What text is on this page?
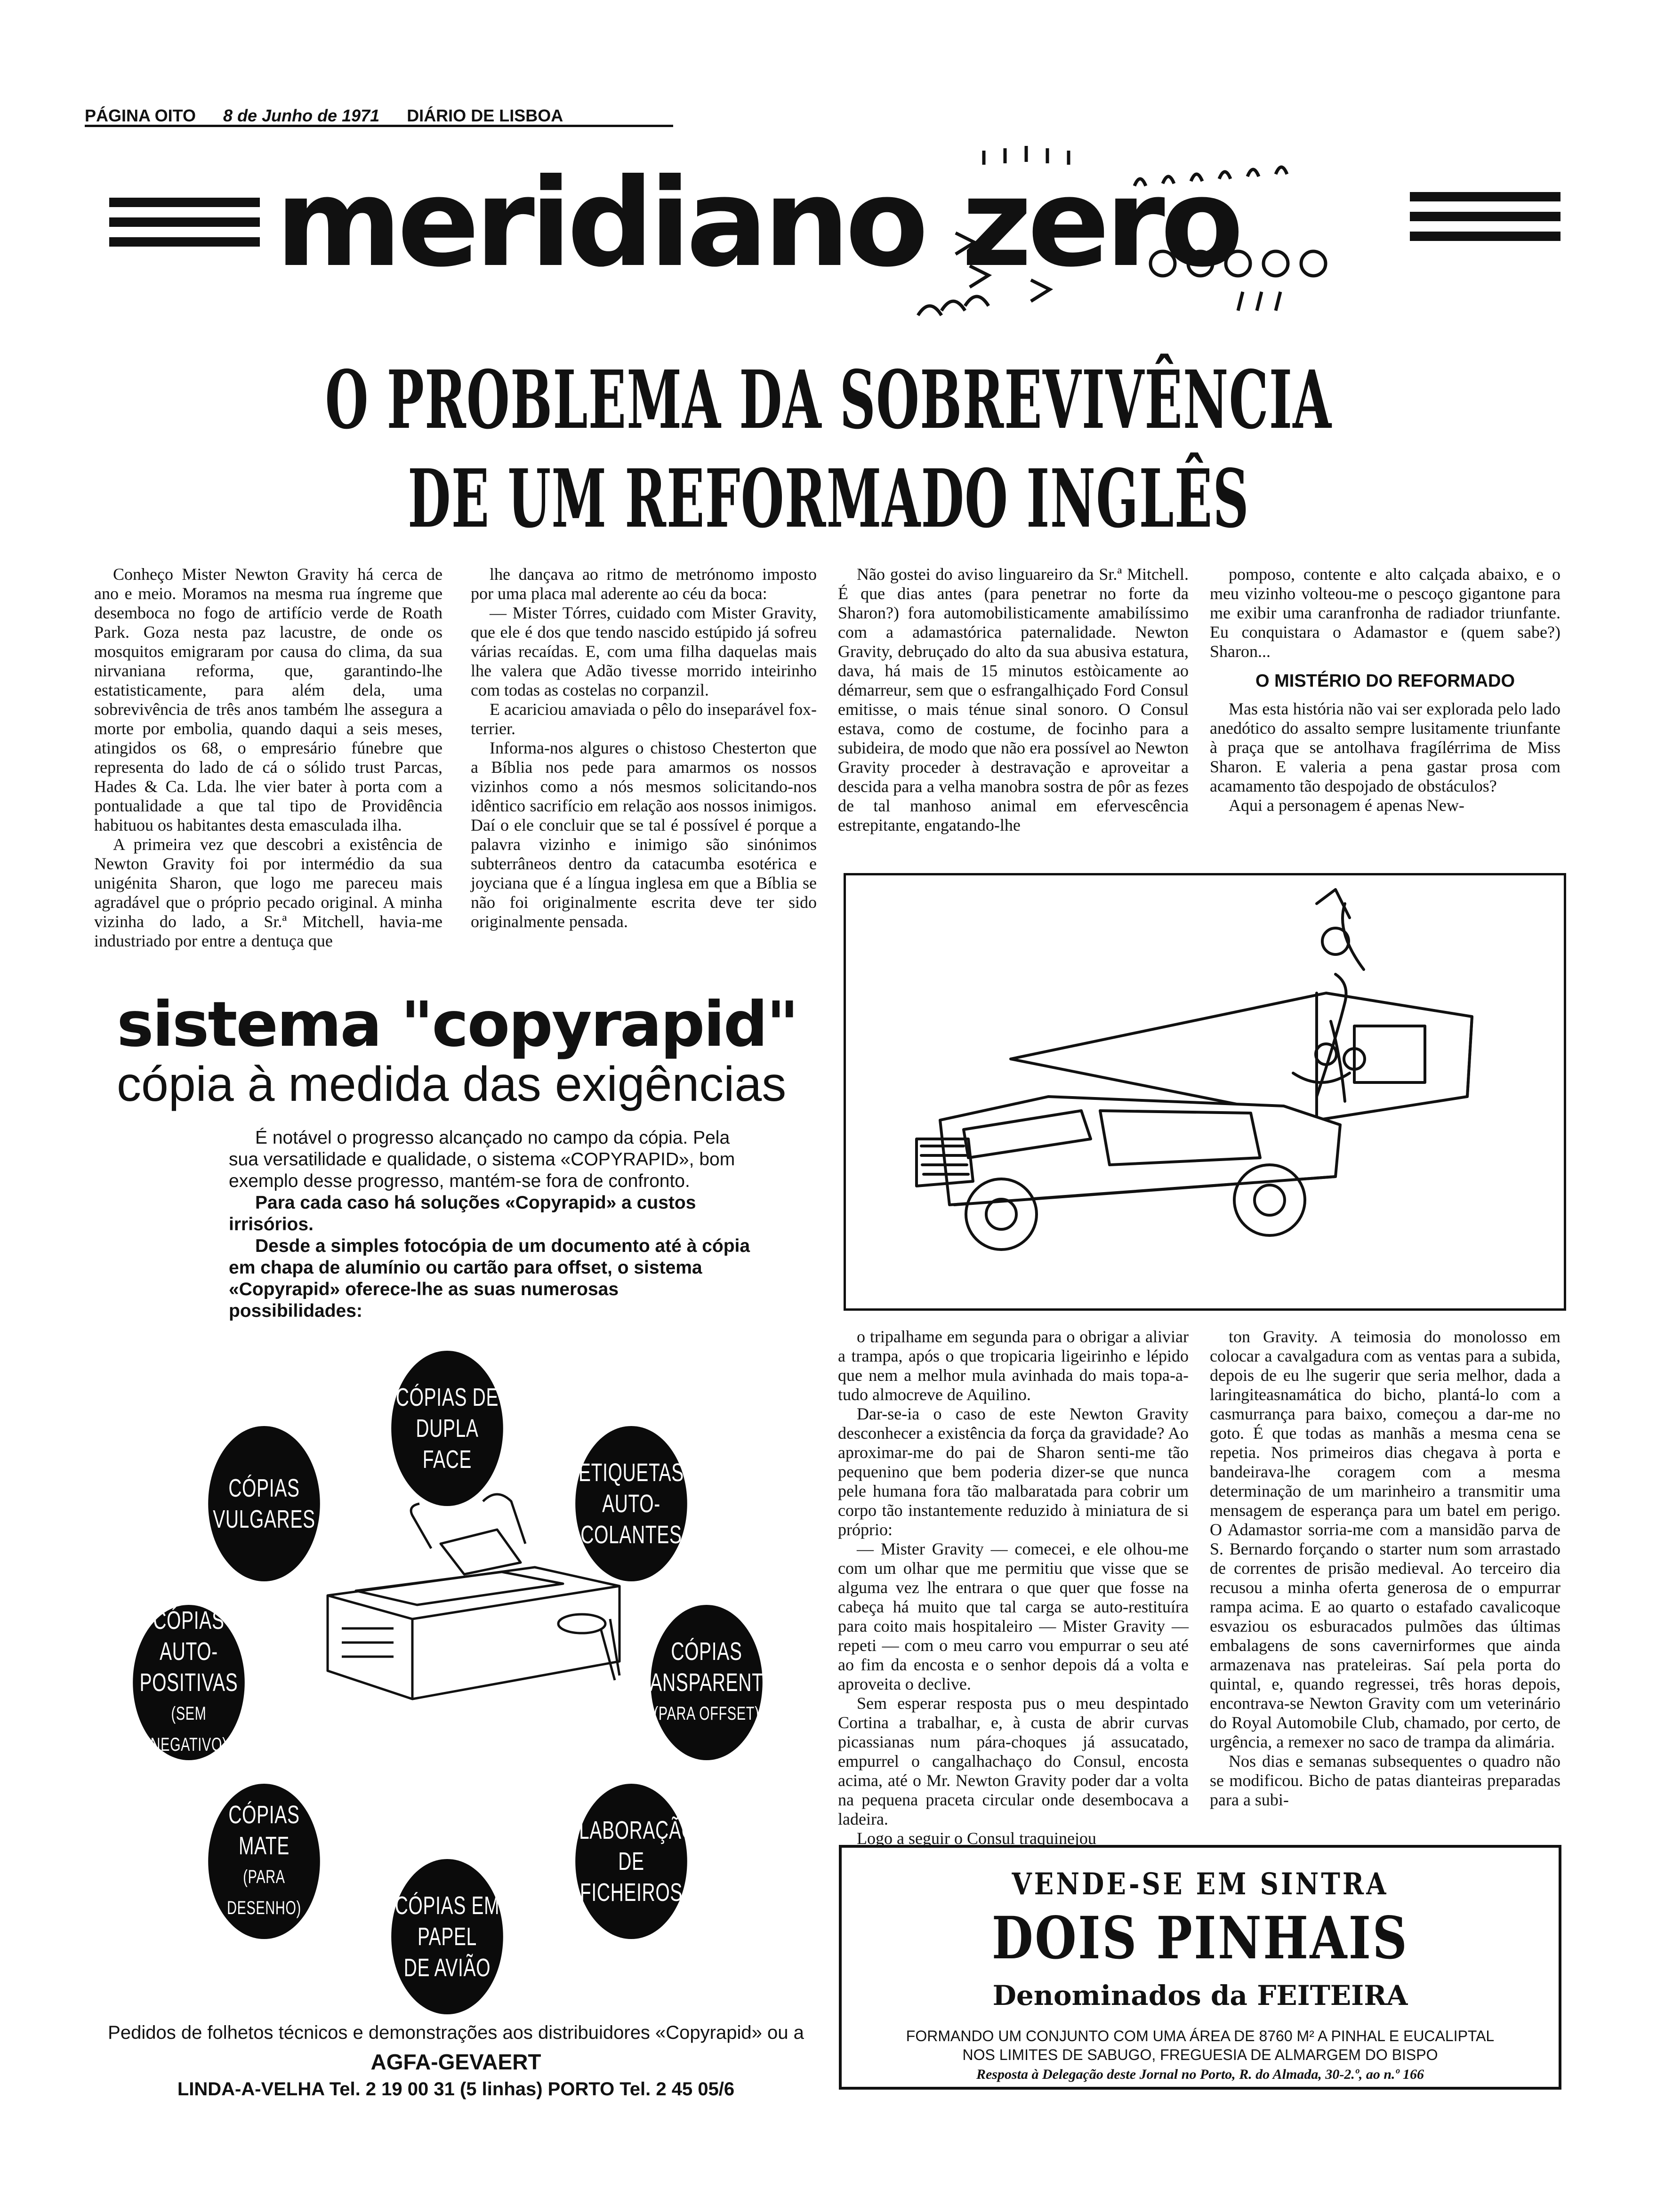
PÁGINA OITO 8 de Junho de 1971 DIÁRIO DE LISBOA
meridiano zero
O PROBLEMA DA SOBREVIVÊNCIA
DE UM REFORMADO INGLÊS

Conheço Mister Newton Gravity há cerca de ano e meio. Moramos na mesma rua íngreme que desemboca no fogo de artifício verde de Roath Park. Goza nesta paz lacustre, de onde os mosquitos emigraram por causa do clima, da sua nirvaniana reforma, que, garantindo-lhe estatisticamente, para além dela, uma sobrevivência de três anos também lhe assegura a morte por embolia, quando daqui a seis meses, atingidos os 68, o empresário fúnebre que representa do lado de cá o sólido trust Parcas, Hades & Ca. Lda. lhe vier bater à porta com a pontualidade a que tal tipo de Providência habituou os habitantes desta emasculada ilha.

A primeira vez que descobri a existência de Newton Gravity foi por intermédio da sua unigénita Sharon, que logo me pareceu mais agradável que o próprio pecado original. A minha vizinha do lado, a Sr.ª Mitchell, havia-me industriado por entre a dentuça que

lhe dançava ao ritmo de metrónomo imposto por uma placa mal aderente ao céu da boca:

— Mister Tórres, cuidado com Mister Gravity, que ele é dos que tendo nascido estúpido já sofreu várias recaídas. E, com uma filha daquelas mais lhe valera que Adão tivesse morrido inteirinho com todas as costelas no corpanzil.

E acariciou amaviada o pêlo do inseparável fox-terrier.

Informa-nos algures o chistoso Chesterton que a Bíblia nos pede para amarmos os nossos vizinhos como a nós mesmos solicitando-nos idêntico sacrifício em relação aos nossos inimigos. Daí o ele concluir que se tal é possível é porque a palavra vizinho e inimigo são sinónimos subterrâneos dentro da catacumba esotérica e joyciana que é a língua inglesa em que a Bíblia se não foi originalmente escrita deve ter sido originalmente pensada.

Não gostei do aviso linguareiro da Sr.ª Mitchell. É que dias antes (para penetrar no forte da Sharon?) fora automobilisticamente amabilíssimo com a adamastórica paternalidade. Newton Gravity, debruçado do alto da sua abusiva estatura, dava, há mais de 15 minutos estòicamente ao démarreur, sem que o esfrangalhiçado Ford Consul emitisse, o mais ténue sinal sonoro. O Consul estava, como de costume, de focinho para a subideira, de modo que não era possível ao Newton Gravity proceder à destravação e aproveitar a descida para a velha manobra sostra de pôr as fezes de tal manhoso animal em efervescência estrepitante, engatando-lhe

pomposo, contente e alto calçada abaixo, e o meu vizinho volteou-me o pescoço gigantone para me exibir uma caranfronha de radiador triunfante. Eu conquistara o Adamastor e (quem sabe?) Sharon...

O MISTÉRIO DO REFORMADO

Mas esta história não vai ser explorada pelo lado anedótico do assalto sempre lusitamente triunfante à praça que se antolhava fragílérrima de Miss Sharon. E valeria a pena gastar prosa com acamamento tão despojado de obstáculos?

Aqui a personagem é apenas New-

o tripalhame em segunda para o obrigar a aliviar a trampa, após o que tropicaria ligeirinho e lépido que nem a melhor mula avinhada do mais topa-a-tudo almocreve de Aquilino.

Dar-se-ia o caso de este Newton Gravity desconhecer a existência da força da gravidade? Ao aproximar-me do pai de Sharon senti-me tão pequenino que bem poderia dizer-se que nunca pele humana fora tão malbaratada para cobrir um corpo tão instantemente reduzido à miniatura de si próprio:

— Mister Gravity — comecei, e ele olhou-me com um olhar que me permitiu que visse que se alguma vez lhe entrara o que quer que fosse na cabeça há muito que tal carga se auto-restituíra para coito mais hospitaleiro — Mister Gravity — repeti — com o meu carro vou empurrar o seu até ao fim da encosta e o senhor depois dá a volta e aproveita o declive.

Sem esperar resposta pus o meu despintado Cortina a trabalhar, e, à custa de abrir curvas picassianas num pára-choques já assucatado, empurrel o cangalhachaço do Consul, encosta acima, até o Mr. Newton Gravity poder dar a volta na pequena praceta circular onde desembocava a ladeira.

Logo a seguir o Consul traquinejou

ton Gravity. A teimosia do monolosso em colocar a cavalgadura com as ventas para a subida, depois de eu lhe sugerir que seria melhor, dada a laringiteasnamática do bicho, plantá-lo com a casmurrança para baixo, começou a dar-me no goto. É que todas as manhãs a mesma cena se repetia. Nos primeiros dias chegava à porta e bandeirava-lhe coragem com a mesma determinação de um marinheiro a transmitir uma mensagem de esperança para um batel em perigo. O Adamastor sorria-me com a mansidão parva de S. Bernardo forçando o starter num som arrastado de correntes de prisão medieval. Ao terceiro dia recusou a minha oferta generosa de o empurrar rampa acima. E ao quarto o estafado cavalicoque esvaziou os esburacados pulmões das últimas embalagens de sons cavernirformes que ainda armazenava nas prateleiras. Saí pela porta do quintal, e, quando regressei, três horas depois, encontrava-se Newton Gravity com um veterinário do Royal Automobile Club, chamado, por certo, de urgência, a remexer no saco de trampa da alimária.

Nos dias e semanas subsequentes o quadro não se modificou. Bicho de patas dianteiras preparadas para a subi-

sistema "copyrapid"
cópia à medida das exigências

É notável o progresso alcançado no campo da cópia. Pela sua versatilidade e qualidade, o sistema «COPYRAPID», bom exemplo desse progresso, mantém-se fora de confronto.

Para cada caso há soluções «Copyrapid» a custos irrisórios.

Desde a simples fotocópia de um documento até à cópia em chapa de alumínio ou cartão para offset, o sistema «Copyrapid» oferece-lhe as suas numerosas possibilidades:

CÓPIAS DE
DUPLA FACE	ETIQUETAS
AUTO-COLANTES
CÓPIAS
TRANSPARENTES
(PARA OFFSET)
ELABORAÇÃO
DE FICHEIROS
CÓPIAS EM PAPEL
DE AVIÃO
CÓPIAS MATE
(PARA DESENHO)
CÓPIAS
AUTO-POSITIVAS
(SEM NEGATIVO)
CÓPIAS
VULGARES
Pedidos de folhetos técnicos e demonstrações aos distribuidores «Copyrapid» ou a
AGFA-GEVAERT
LINDA-A-VELHA Tel. 2 19 00 31 (5 linhas) PORTO Tel. 2 45 05/6
VENDE-SE EM SINTRA
DOIS PINHAIS
Denominados da FEITEIRA
FORMANDO UM CONJUNTO COM UMA ÁREA DE 8760 M² A PINHAL E EUCALIPTAL
NOS LIMITES DE SABUGO, FREGUESIA DE ALMARGEM DO BISPO
Resposta à Delegação deste Jornal no Porto, R. do Almada, 30-2.º, ao n.º 166
